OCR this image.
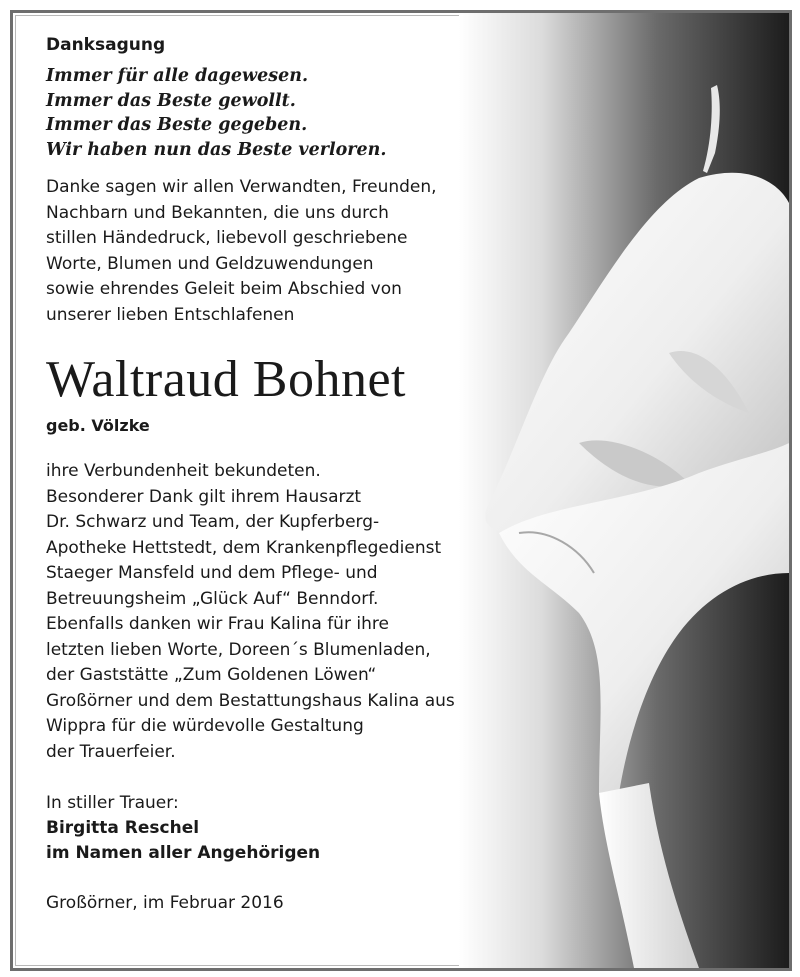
Danksagung
Immer für alle dagewesen.
Immer das Beste gewollt.
Immer das Beste gegeben.
Wir haben nun das Beste verloren.
Danke sagen wir allen Verwandten, Freunden,
Nachbarn und Bekannten, die uns durch
stillen Händedruck, liebevoll geschriebene
Worte, Blumen und Geldzuwendungen
sowie ehrendes Geleit beim Abschied von
unserer lieben Entschlafenen
Waltraud Bohnet
geb. Völzke
ihre Verbundenheit bekundeten.
Besonderer Dank gilt ihrem Hausarzt
Dr. Schwarz und Team, der Kupferberg-
Apotheke Hettstedt, dem Krankenpflegedienst
Staeger Mansfeld und dem Pflege- und
Betreuungsheim „Glück Auf“ Benndorf.
Ebenfalls danken wir Frau Kalina für ihre
letzten lieben Worte, Doreen´s Blumenladen,
der Gaststätte „Zum Goldenen Löwen“
Großörner und dem Bestattungshaus Kalina aus
Wippra für die würdevolle Gestaltung
der Trauerfeier.
In stiller Trauer:
Birgitta Reschel
im Namen aller Angehörigen
Großörner, im Februar 2016
